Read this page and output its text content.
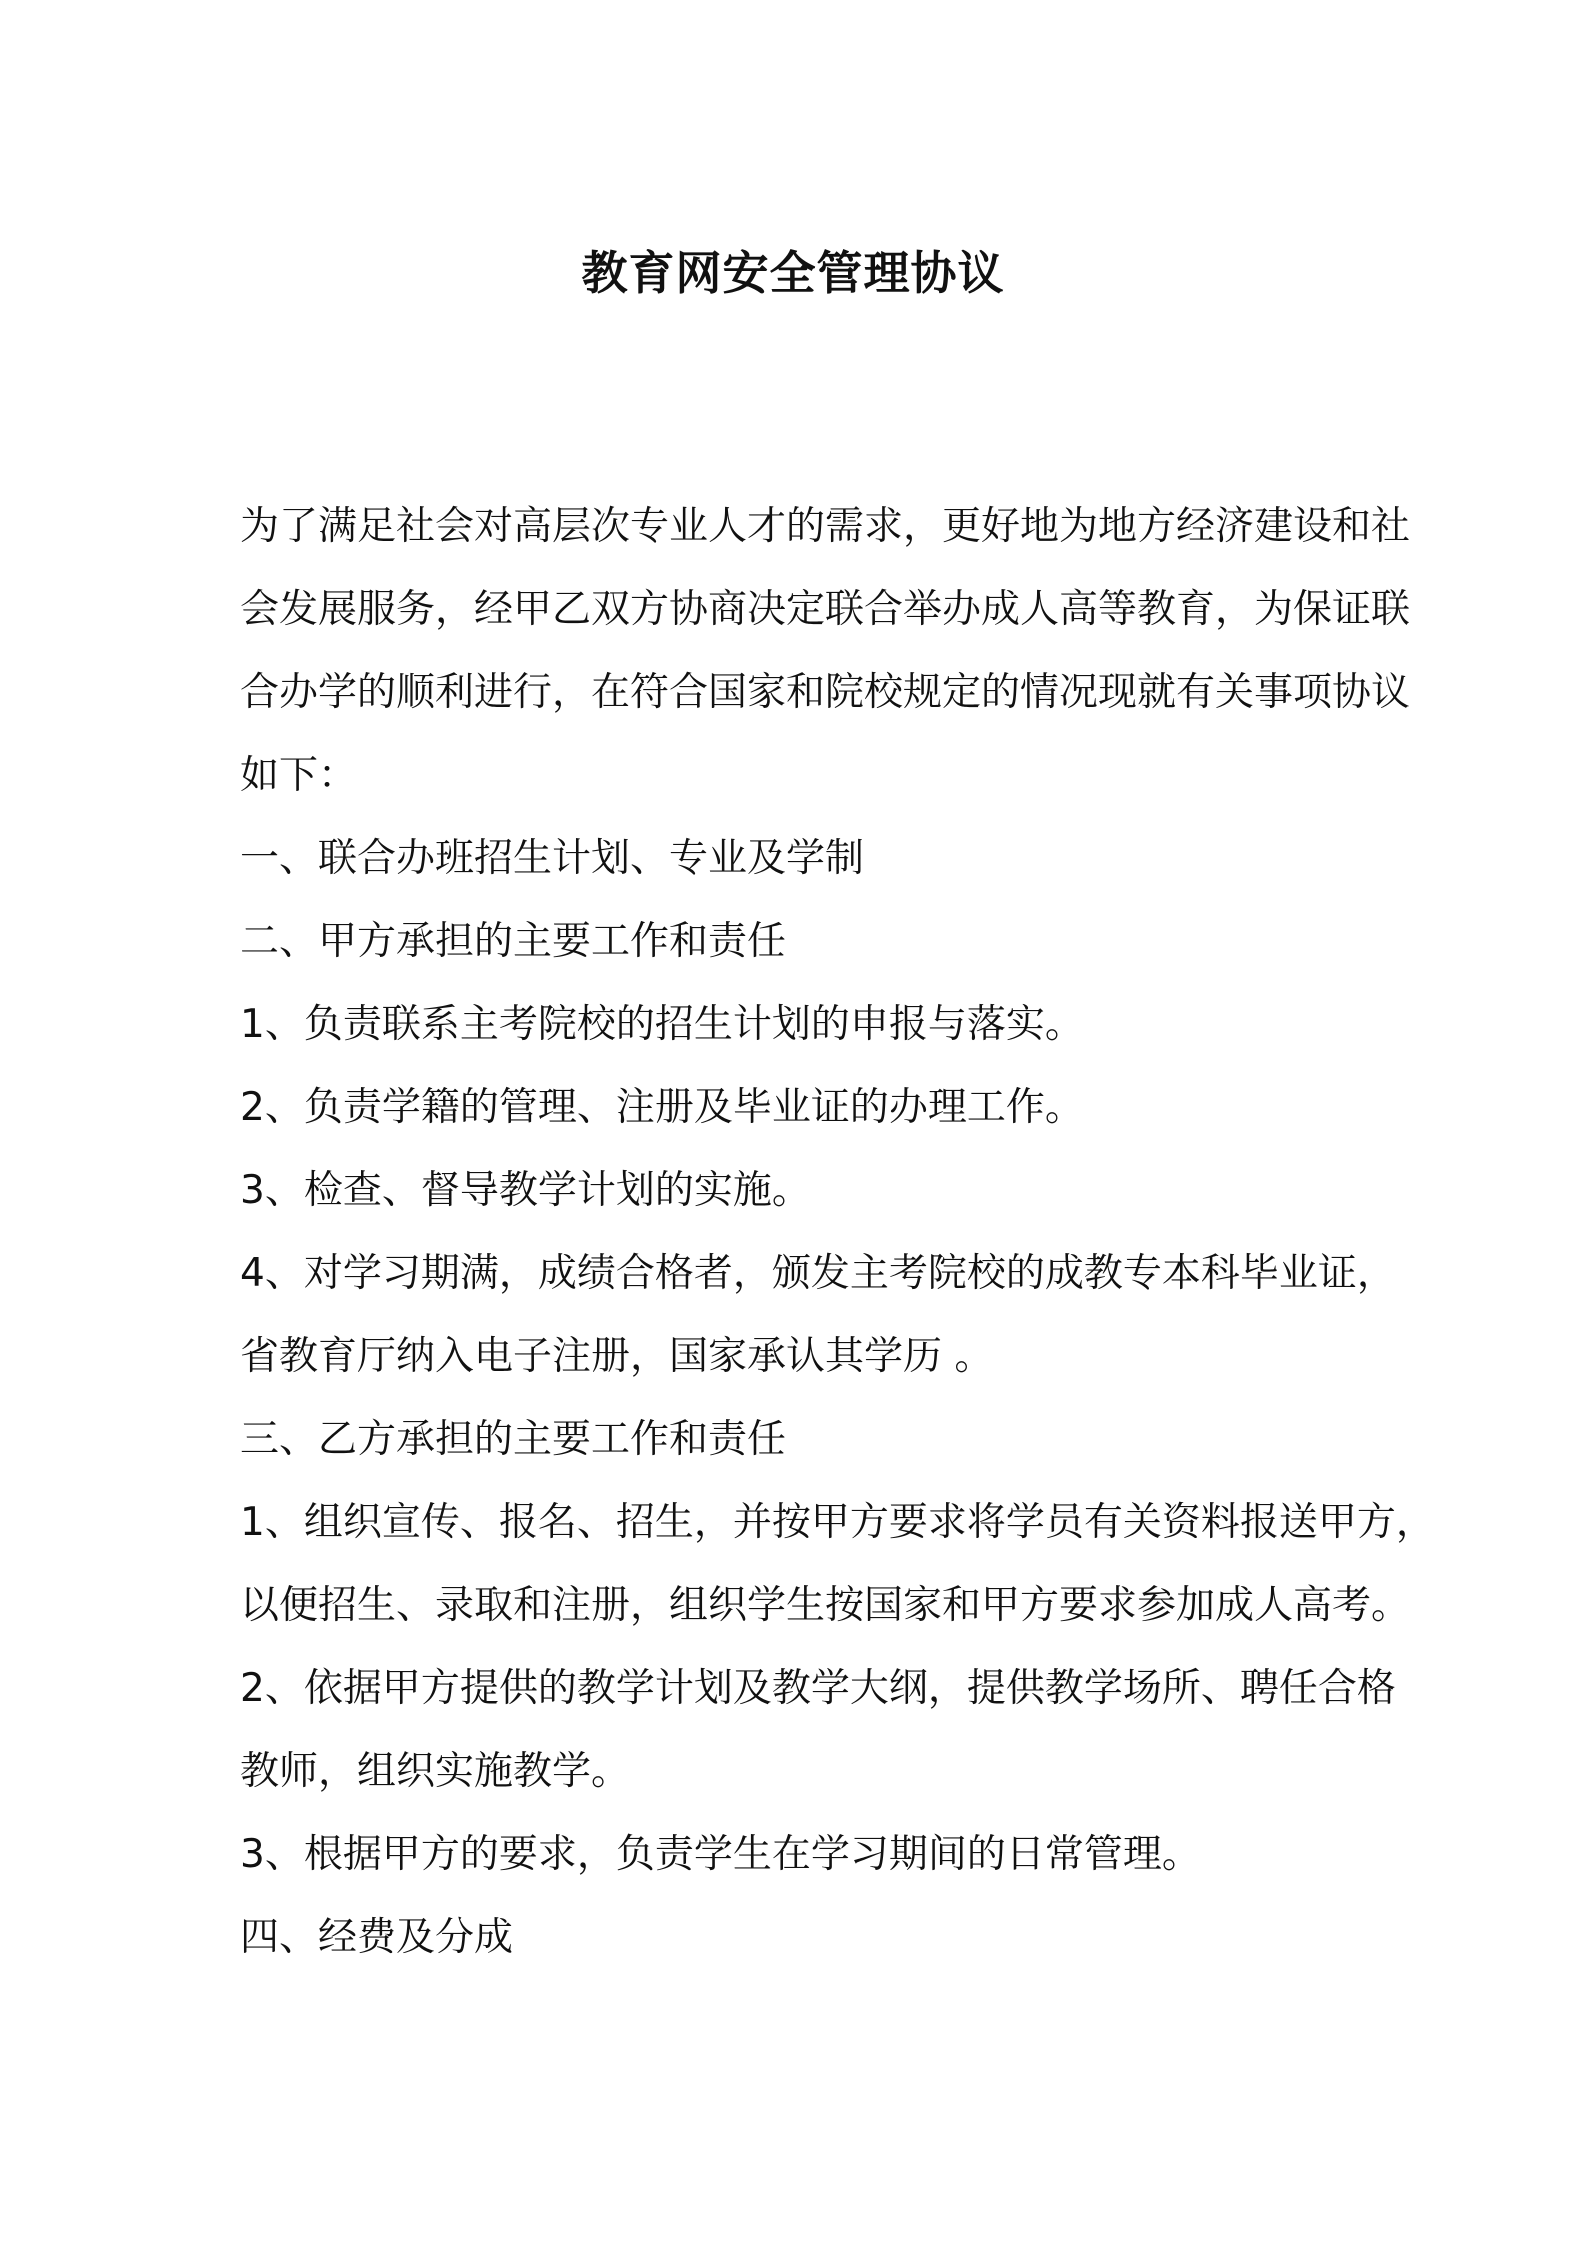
教育网安全管理协议

为了满足社会对高层次专业人才的需求，更好地为地方经济建设和社

会发展服务，经甲乙双方协商决定联合举办成人高等教育，为保证联

合办学的顺利进行，在符合国家和院校规定的情况现就有关事项协议

如下：

一、联合办班招生计划、专业及学制

二、甲方承担的主要工作和责任

1、负责联系主考院校的招生计划的申报与落实。

2、负责学籍的管理、注册及毕业证的办理工作。

3、检查、督导教学计划的实施。

4、对学习期满，成绩合格者，颁发主考院校的成教专本科毕业证，

省教育厅纳入电子注册，国家承认其学历 。

三、乙方承担的主要工作和责任

1、组织宣传、报名、招生，并按甲方要求将学员有关资料报送甲方，

以便招生、录取和注册，组织学生按国家和甲方要求参加成人高考。

2、依据甲方提供的教学计划及教学大纲，提供教学场所、聘任合格

教师，组织实施教学。

3、根据甲方的要求，负责学生在学习期间的日常管理。

四、经费及分成
